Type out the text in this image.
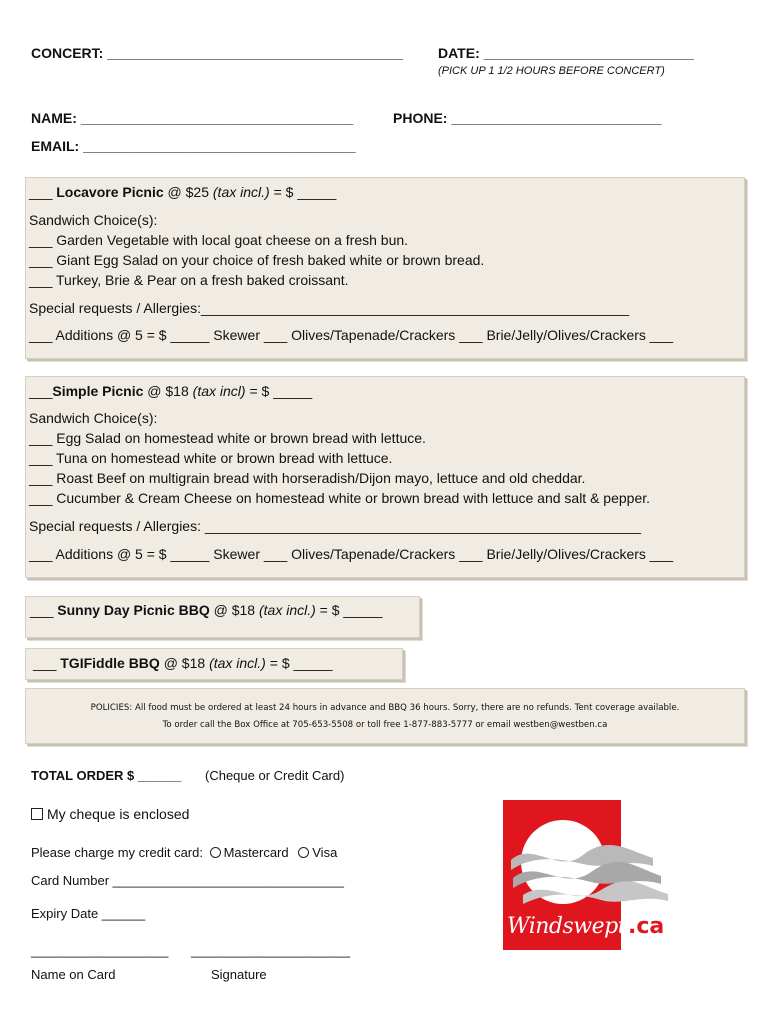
CONCERT: ______________________________________ DATE: ___________________________
(PICK UP 1 1/2 HOURS BEFORE CONCERT)
NAME: ___________________________________	PHONE: ___________________________
EMAIL: ___________________________________
___ Locavore Picnic @ $25 (tax incl.) = $ _____
Sandwich Choice(s):
___ Garden Vegetable with local goat cheese on a fresh bun.
___ Giant Egg Salad on your choice of fresh baked white or brown bread.
___ Turkey, Brie & Pear on a fresh baked croissant.
Special requests / Allergies:_______________________________________________________
___ Additions @ 5 = $ _____ Skewer ___ Olives/Tapenade/Crackers ___ Brie/Jelly/Olives/Crackers ___
___Simple Picnic @ $18 (tax incl) = $ _____
Sandwich Choice(s):
___ Egg Salad on homestead white or brown bread with lettuce.
___ Tuna on homestead white or brown bread with lettuce.
___ Roast Beef on multigrain bread with horseradish/Dijon mayo, lettuce and old cheddar.
___ Cucumber & Cream Cheese on homestead white or brown bread with lettuce and salt & pepper.
Special requests / Allergies: ________________________________________________________
___ Additions @ 5 = $ _____ Skewer ___ Olives/Tapenade/Crackers ___ Brie/Jelly/Olives/Crackers ___
___ Sunny Day Picnic BBQ @ $18 (tax incl.) = $ _____
___ TGIFiddle BBQ @ $18 (tax incl.) = $ _____
POLICIES: All food must be ordered at least 24 hours in advance and BBQ 36 hours. Sorry, there are no refunds. Tent coverage available.
To order call the Box Office at 705-653-5508 or toll free 1-877-883-5777 or email westben@westben.ca
TOTAL ORDER $ ______ (Cheque or Credit Card)
My cheque is enclosed
Please charge my credit card: Mastercard Visa
Card Number ________________________________
Expiry Date ______
___________________ ______________________
Name on Card	Signature
Windswept .ca
